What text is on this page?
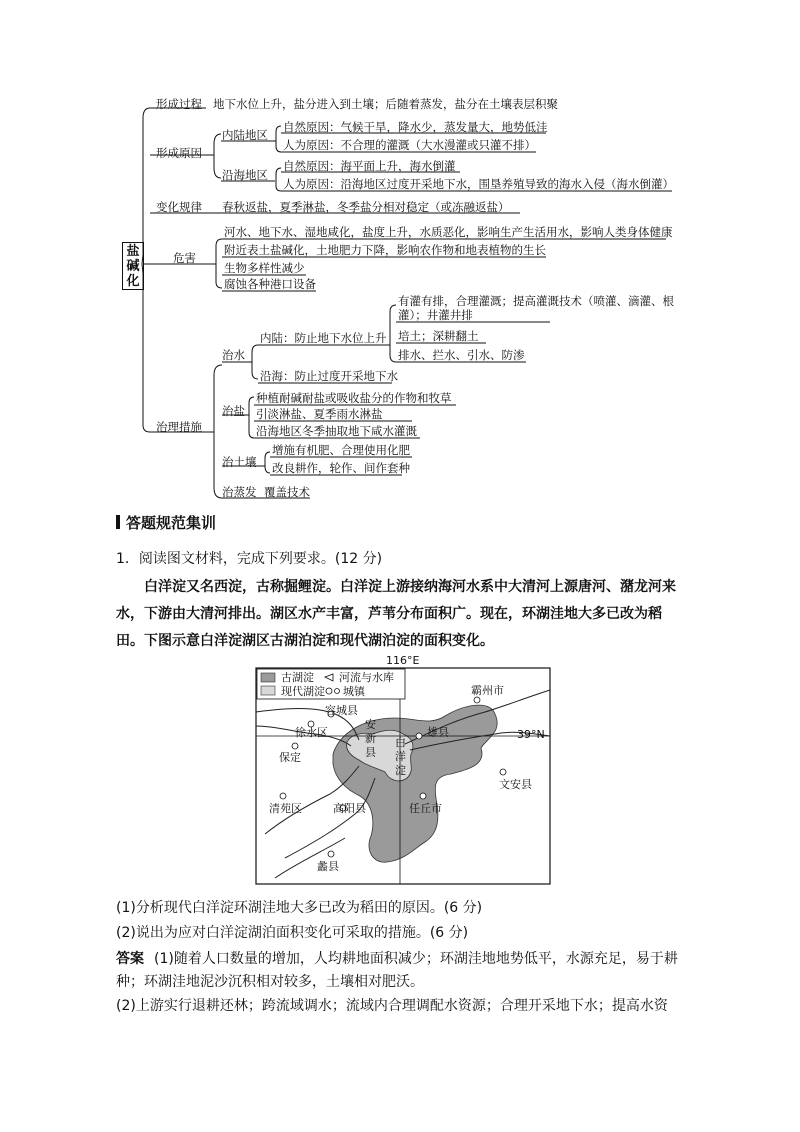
盐
碱
化
形成过程 地下水位上升，盐分进入到土壤；后随着蒸发，盐分在土壤表层积聚
形成原因
内陆地区
自然原因：气候干旱，降水少，蒸发量大，地势低洼
人为原因：不合理的灌溉（大水漫灌或只灌不排）
沿海地区
自然原因：海平面上升，海水倒灌
人为原因：沿海地区过度开采地下水，围垦养殖导致的海水入侵（海水倒灌）
变化规律 春秋返盐，夏季淋盐，冬季盐分相对稳定（或冻融返盐）
危害
河水、地下水、湿地咸化，盐度上升，水质恶化，影响生产生活用水，影响人类身体健康
附近表土盐碱化，土地肥力下降，影响农作物和地表植物的生长
生物多样性减少
腐蚀各种港口设备
治理措施
治水
内陆：防止地下水位上升
有灌有排，合理灌溉；提高灌溉技术（喷灌、滴灌、根
灌）；井灌井排
培土；深耕翻土
排水、拦水、引水、防渗
沿海：防止过度开采地下水
治盐
种植耐碱耐盐或吸收盐分的作物和牧草
引淡淋盐、夏季雨水淋盐
沿海地区冬季抽取地下咸水灌溉
治土壤
增施有机肥、合理使用化肥
改良耕作，轮作、间作套种
治蒸发 覆盖技术
答题规范集训
1．阅读图文材料，完成下列要求。(12 分)
白洋淀又名西淀，古称掘鲤淀。白洋淀上游接纳海河水系中大清河上源唐河、潴龙河来水，下游由大清河排出。湖区水产丰富，芦苇分布面积广。现在，环湖洼地大多已改为稻田。下图示意白洋淀湖区古湖泊淀和现代湖泊淀的面积变化。
116°E
古湖淀 河流与水库
现代湖淀 城镇
39°N
霸州市
容城县
徐水区
安
新
县
保定
白
洋
淀
雄县
文安县
任丘市
清苑区	高阳县
蠡县
(1)分析现代白洋淀环湖洼地大多已改为稻田的原因。(6 分)
(2)说出为应对白洋淀湖泊面积变化可采取的措施。(6 分)
答案 (1)随着人口数量的增加，人均耕地面积减少；环湖洼地地势低平，水源充足，易于耕种；环湖洼地泥沙沉积相对较多，土壤相对肥沃。
(2)上游实行退耕还林；跨流域调水；流域内合理调配水资源；合理开采地下水；提高水资
